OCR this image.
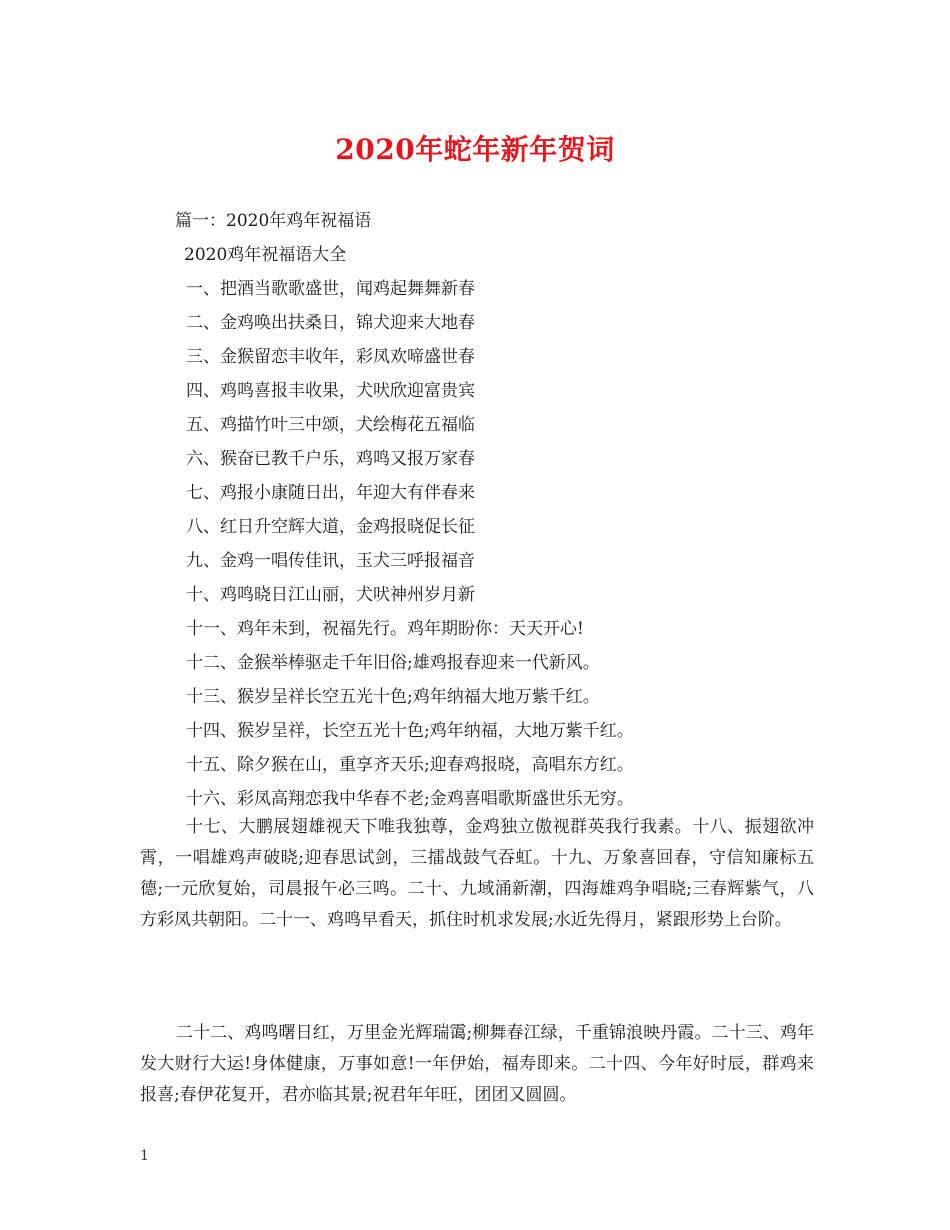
2020年蛇年新年贺词
篇一：2020年鸡年祝福语
2020鸡年祝福语大全
一、把酒当歌歌盛世，闻鸡起舞舞新春
二、金鸡唤出扶桑日，锦犬迎来大地春
三、金猴留恋丰收年，彩凤欢啼盛世春
四、鸡鸣喜报丰收果，犬吠欣迎富贵宾
五、鸡描竹叶三中颂，犬绘梅花五福临
六、猴奋已教千户乐，鸡鸣又报万家春
七、鸡报小康随日出，年迎大有伴春来
八、红日升空辉大道，金鸡报晓促长征
九、金鸡一唱传佳讯，玉犬三呼报福音
十、鸡鸣晓日江山丽，犬吠神州岁月新
十一、鸡年未到，祝福先行。鸡年期盼你：天天开心!
十二、金猴举棒驱走千年旧俗;雄鸡报春迎来一代新风。
十三、猴岁呈祥长空五光十色;鸡年纳福大地万紫千红。
十四、猴岁呈祥，长空五光十色;鸡年纳福，大地万紫千红。
十五、除夕猴在山，重享齐天乐;迎春鸡报晓，高唱东方红。
十六、彩凤高翔恋我中华春不老;金鸡喜唱歌斯盛世乐无穷。

十七、大鹏展翅雄视天下唯我独尊，金鸡独立傲视群英我行我素。十八、振翅欲冲霄，一唱雄鸡声破晓;迎春思试剑，三擂战鼓气吞虹。十九、万象喜回春，守信知廉标五德;一元欣复始，司晨报午必三鸣。二十、九域涌新潮，四海雄鸡争唱晓;三春辉紫气，八方彩凤共朝阳。二十一、鸡鸣早看天，抓住时机求发展;水近先得月，紧跟形势上台阶。

二十二、鸡鸣曙日红，万里金光辉瑞霭;柳舞春江绿，千重锦浪映丹霞。二十三、鸡年发大财行大运!身体健康，万事如意!一年伊始，福寿即来。二十四、今年好时辰，群鸡来报喜;春伊花复开，君亦临其景;祝君年年旺，团团又圆圆。

1
